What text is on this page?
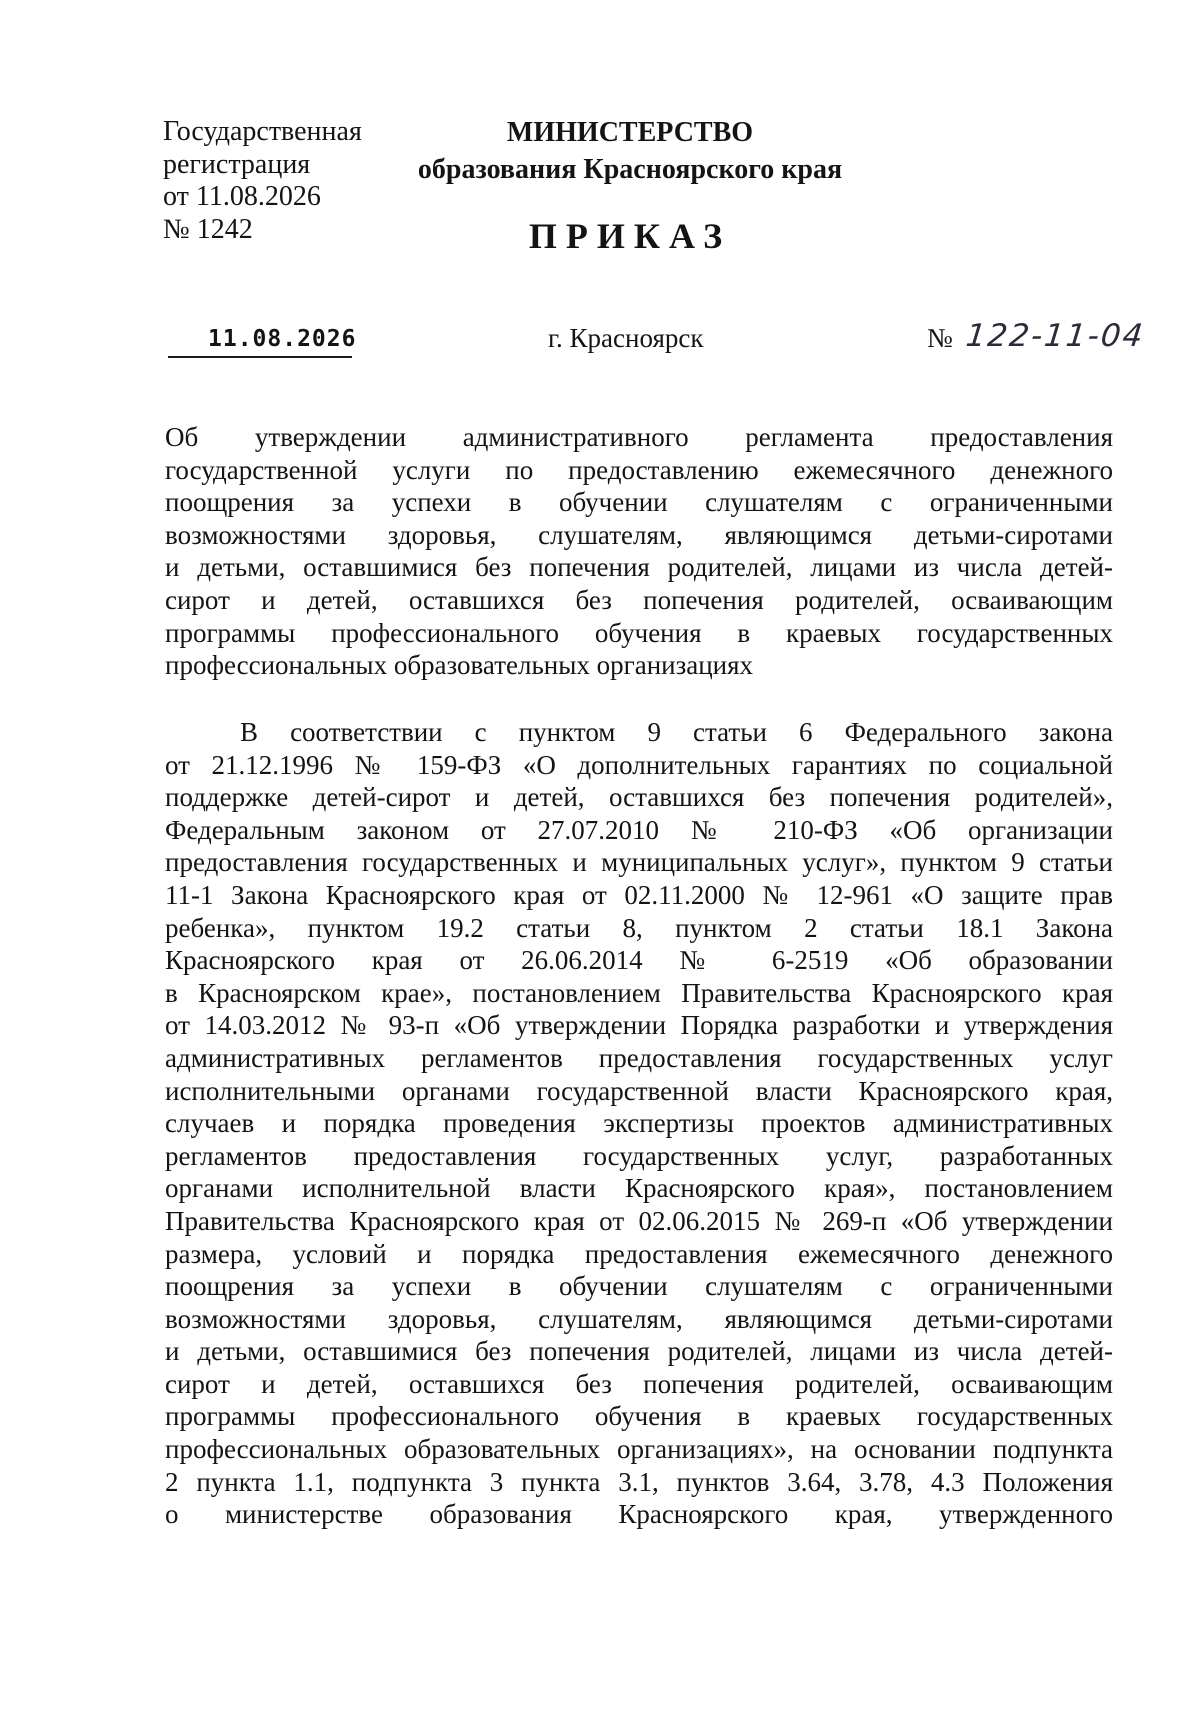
Государственная
регистрация
от 11.08.2026
№ 1242
МИНИСТЕРСТВО
образования Красноярского края
ПРИКАЗ
11.08.2026	г. Красноярск	№ 122-11-04
Об утверждении административного регламента предоставления
государственной услуги по предоставлению ежемесячного денежного
поощрения за успехи в обучении слушателям с ограниченными
возможностями здоровья, слушателям, являющимся детьми-сиротами
и детьми, оставшимися без попечения родителей, лицами из числа детей-
сирот и детей, оставшихся без попечения родителей, осваивающим
программы профессионального обучения в краевых государственных
профессиональных образовательных организациях
В соответствии с пунктом 9 статьи 6 Федерального закона
от 21.12.1996 № 159-ФЗ «О дополнительных гарантиях по социальной
поддержке детей-сирот и детей, оставшихся без попечения родителей»,
Федеральным законом от 27.07.2010 № 210-ФЗ «Об организации
предоставления государственных и муниципальных услуг», пунктом 9 статьи
11-1 Закона Красноярского края от 02.11.2000 № 12-961 «О защите прав
ребенка», пунктом 19.2 статьи 8, пунктом 2 статьи 18.1 Закона
Красноярского края от 26.06.2014 № 6-2519 «Об образовании
в Красноярском крае», постановлением Правительства Красноярского края
от 14.03.2012 № 93-п «Об утверждении Порядка разработки и утверждения
административных регламентов предоставления государственных услуг
исполнительными органами государственной власти Красноярского края,
случаев и порядка проведения экспертизы проектов административных
регламентов предоставления государственных услуг, разработанных
органами исполнительной власти Красноярского края», постановлением
Правительства Красноярского края от 02.06.2015 № 269-п «Об утверждении
размера, условий и порядка предоставления ежемесячного денежного
поощрения за успехи в обучении слушателям с ограниченными
возможностями здоровья, слушателям, являющимся детьми-сиротами
и детьми, оставшимися без попечения родителей, лицами из числа детей-
сирот и детей, оставшихся без попечения родителей, осваивающим
программы профессионального обучения в краевых государственных
профессиональных образовательных организациях», на основании подпункта
2 пункта 1.1, подпункта 3 пункта 3.1, пунктов 3.64, 3.78, 4.3 Положения
о министерстве образования Красноярского края, утвержденного
